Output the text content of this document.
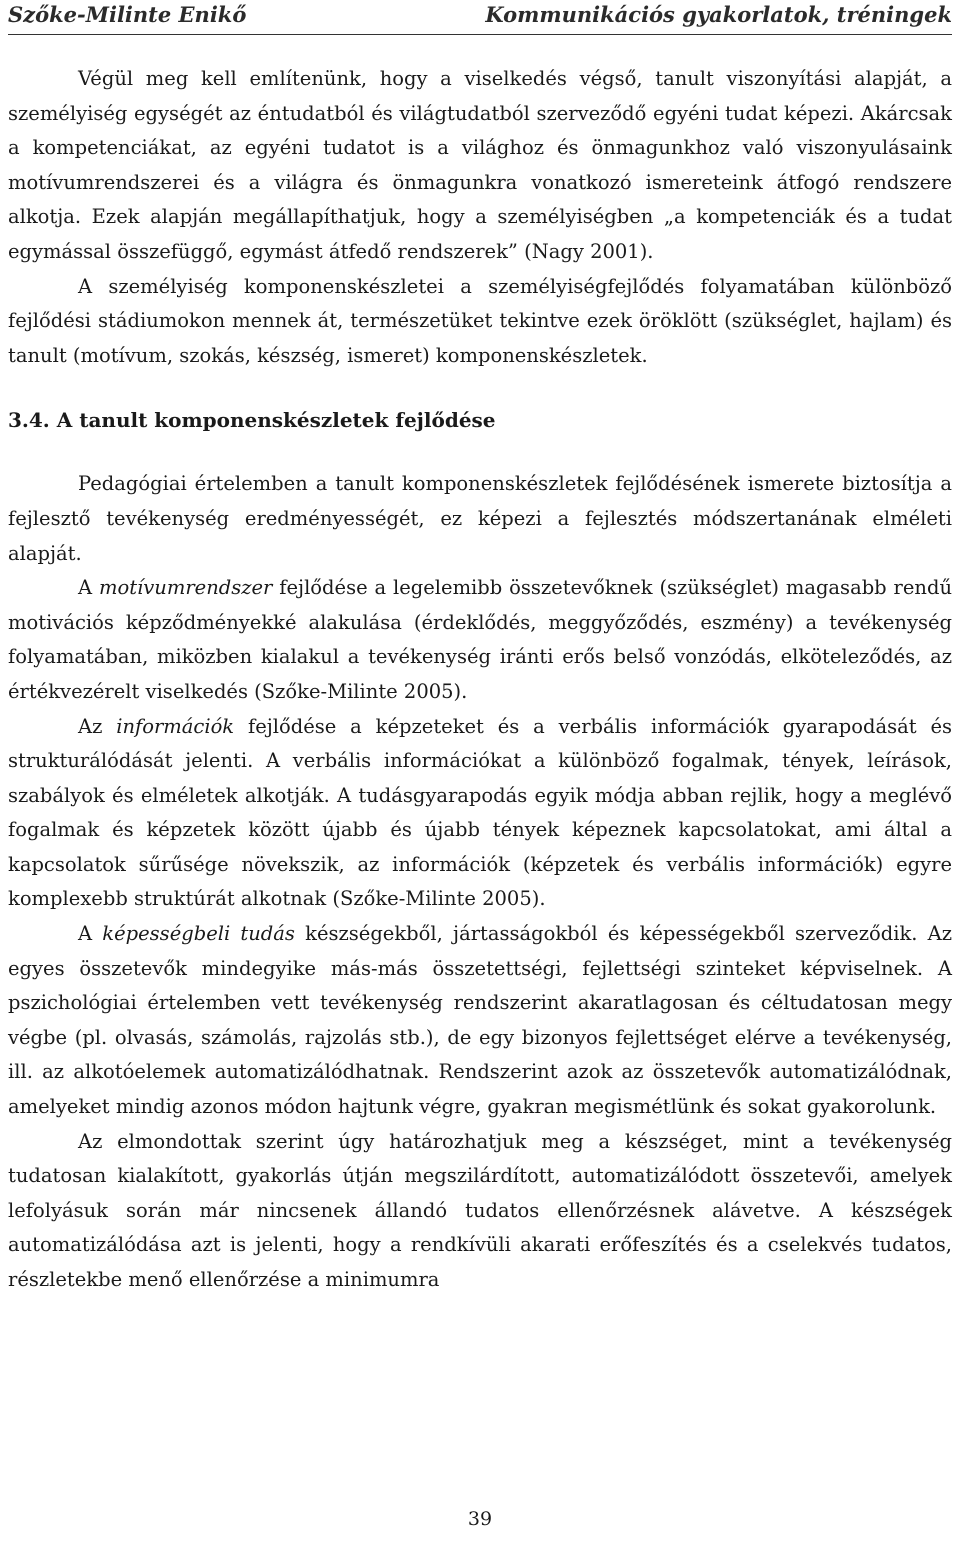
Szőke-Milinte Enikő	Kommunikációs gyakorlatok, tréningek

Végül meg kell említenünk, hogy a viselkedés végső, tanult viszonyítási alapját, a személyiség egységét az éntudatból és világtudatból szerveződő egyéni tudat képezi. Akárcsak a kompetenciákat, az egyéni tudatot is a világhoz és önmagunkhoz való viszonyulásaink motívumrendszerei és a világra és önmagunkra vonatkozó ismereteink átfogó rendszere alkotja. Ezek alapján megállapíthatjuk, hogy a személyiségben „a kompetenciák és a tudat egymással összefüggő, egymást átfedő rendszerek” (Nagy 2001).

A személyiség komponenskészletei a személyiségfejlődés folyamatában különböző fejlődési stádiumokon mennek át, természetüket tekintve ezek öröklött (szükséglet, hajlam) és tanult (motívum, szokás, készség, ismeret) komponenskészletek.

3.4. A tanult komponenskészletek fejlődése

Pedagógiai értelemben a tanult komponenskészletek fejlődésének ismerete biztosítja a fejlesztő tevékenység eredményességét, ez képezi a fejlesztés módszertanának elméleti alapját.

A motívumrendszer fejlődése a legelemibb összetevőknek (szükséglet) magasabb rendű motivációs képződményekké alakulása (érdeklődés, meggyőződés, eszmény) a tevékenység folyamatában, miközben kialakul a tevékenység iránti erős belső vonzódás, elköteleződés, az értékvezérelt viselkedés (Szőke-Milinte 2005).

Az információk fejlődése a képzeteket és a verbális információk gyarapodását és strukturálódását jelenti. A verbális információkat a különböző fogalmak, tények, leírások, szabályok és elméletek alkotják. A tudásgyarapodás egyik módja abban rejlik, hogy a meglévő fogalmak és képzetek között újabb és újabb tények képeznek kapcsolatokat, ami által a kapcsolatok sűrűsége növekszik, az információk (képzetek és verbális információk) egyre komplexebb struktúrát alkotnak (Szőke-Milinte 2005).

A képességbeli tudás készségekből, jártasságokból és képességekből szerveződik. Az egyes összetevők mindegyike más-más összetettségi, fejlettségi szinteket képviselnek. A pszichológiai értelemben vett tevékenység rendszerint akaratlagosan és céltudatosan megy végbe (pl. olvasás, számolás, rajzolás stb.), de egy bizonyos fejlettséget elérve a tevékenység, ill. az alkotóelemek automatizálódhatnak. Rendszerint azok az összetevők automatizálódnak, amelyeket mindig azonos módon hajtunk végre, gyakran megismétlünk és sokat gyakorolunk.

Az elmondottak szerint úgy határozhatjuk meg a készséget, mint a tevékenység tudatosan kialakított, gyakorlás útján megszilárdított, automatizálódott összetevői, amelyek lefolyásuk során már nincsenek állandó tudatos ellenőrzésnek alávetve. A készségek automatizálódása azt is jelenti, hogy a rendkívüli akarati erőfeszítés és a cselekvés tudatos, részletekbe menő ellenőrzése a minimumra

39
